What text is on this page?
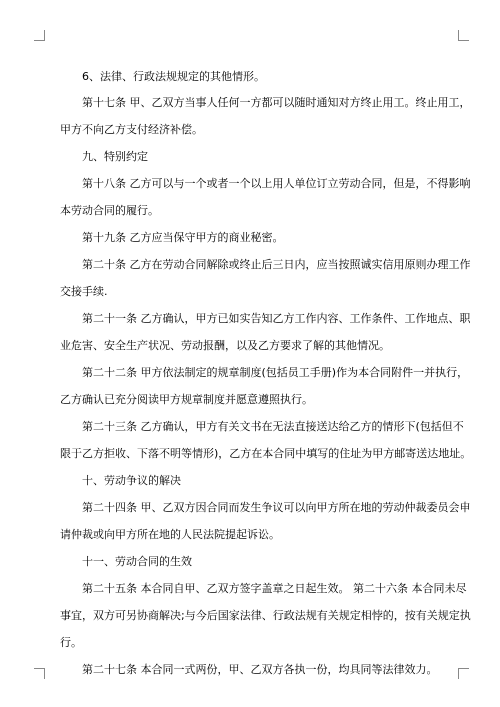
6、法律、行政法规规定的其他情形。
第十七条 甲、乙双方当事人任何一方都可以随时通知对方终止用工。终止用工，
甲方不向乙方支付经济补偿。
九、特别约定
第十八条 乙方可以与一个或者一个以上用人单位订立劳动合同，但是，不得影响
本劳动合同的履行。
第十九条 乙方应当保守甲方的商业秘密。
第二十条 乙方在劳动合同解除或终止后三日内，应当按照诚实信用原则办理工作
交接手续.
第二十一条 乙方确认，甲方已如实告知乙方工作内容、工作条件、工作地点、职
业危害、安全生产状况、劳动报酬，以及乙方要求了解的其他情况。
第二十二条 甲方依法制定的规章制度(包括员工手册)作为本合同附件一并执行，
乙方确认已充分阅读甲方规章制度并愿意遵照执行。
第二十三条 乙方确认，甲方有关文书在无法直接送达给乙方的情形下(包括但不
限于乙方拒收、下落不明等情形)，乙方在本合同中填写的住址为甲方邮寄送达地址。
十、劳动争议的解决
第二十四条 甲、乙双方因合同而发生争议可以向甲方所在地的劳动仲裁委员会申
请仲裁或向甲方所在地的人民法院提起诉讼。
十一、劳动合同的生效
第二十五条 本合同自甲、乙双方签字盖章之日起生效。 第二十六条 本合同未尽
事宜，双方可另协商解决;与今后国家法律、行政法规有关规定相悖的，按有关规定执
行。
第二十七条 本合同一式两份，甲、乙双方各执一份，均具同等法律效力。
